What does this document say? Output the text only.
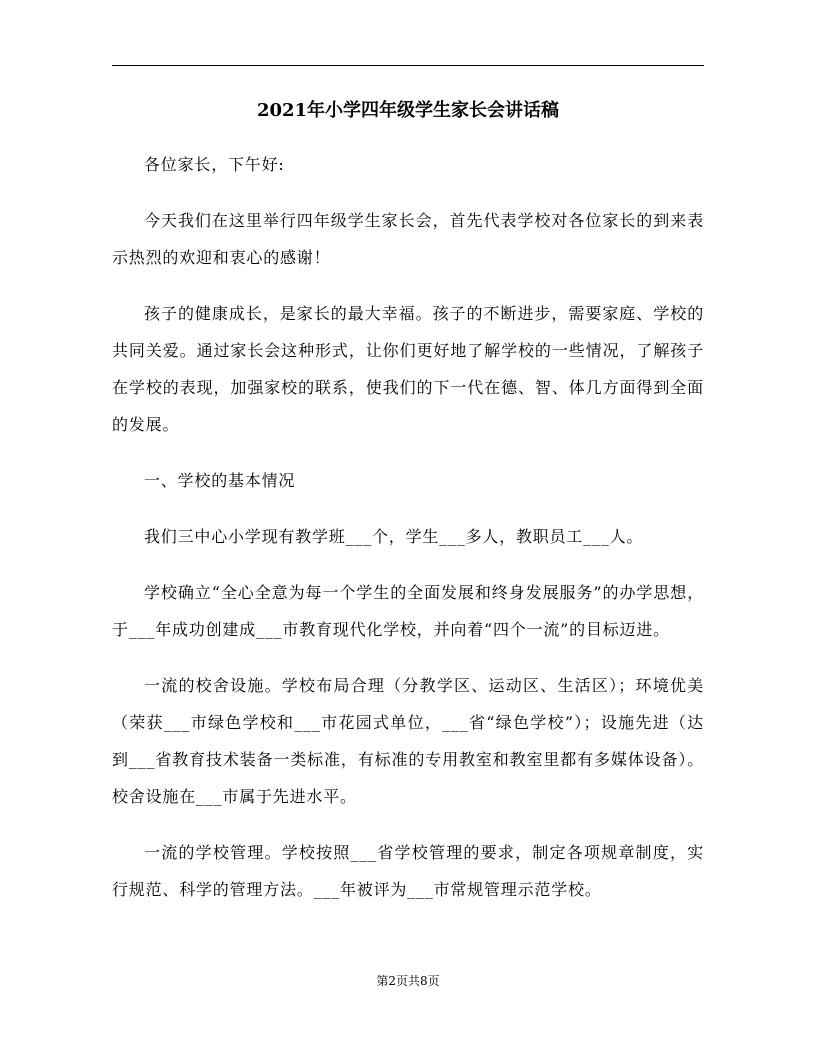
2021年小学四年级学生家长会讲话稿

各位家长，下午好:

今天我们在这里举行四年级学生家长会，首先代表学校对各位家长的到来表示热烈的欢迎和衷心的感谢！

孩子的健康成长，是家长的最大幸福。孩子的不断进步，需要家庭、学校的共同关爱。通过家长会这种形式，让你们更好地了解学校的一些情况，了解孩子在学校的表现，加强家校的联系，使我们的下一代在德、智、体几方面得到全面的发展。

一、学校的基本情况

我们三中心小学现有教学班___个，学生___多人，教职员工___人。

学校确立“全心全意为每一个学生的全面发展和终身发展服务”的办学思想，于___年成功创建成___市教育现代化学校，并向着“四个一流”的目标迈进。

一流的校舍设施。学校布局合理（分教学区、运动区、生活区）；环境优美（荣获___市绿色学校和___市花园式单位，___省“绿色学校”）；设施先进（达到___省教育技术装备一类标准，有标准的专用教室和教室里都有多媒体设备）。校舍设施在___市属于先进水平。

一流的学校管理。学校按照___省学校管理的要求，制定各项规章制度，实行规范、科学的管理方法。___年被评为___市常规管理示范学校。

第2页共8页
